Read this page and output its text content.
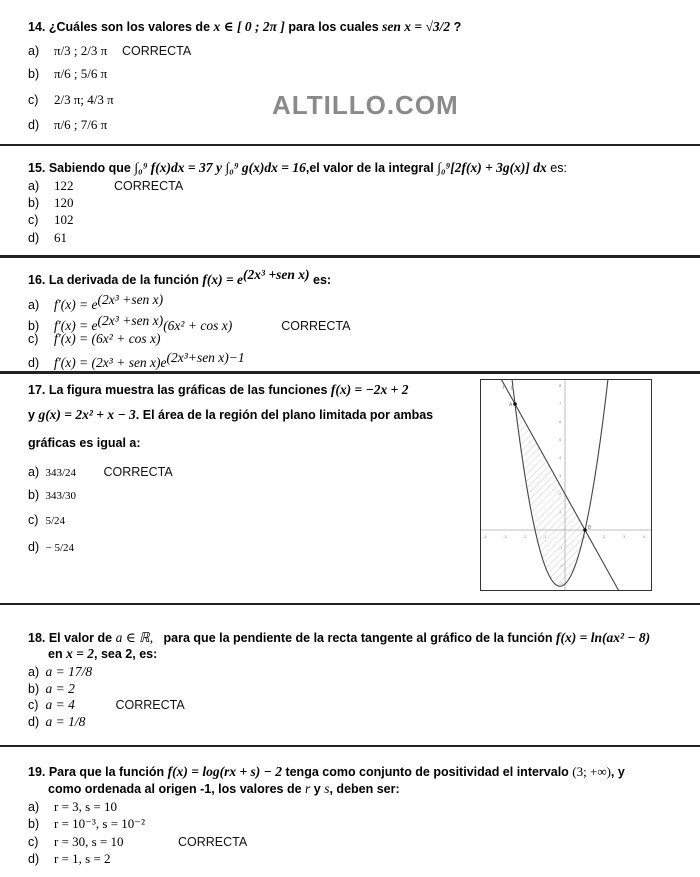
ALTILLO.COM
14. ¿Cuáles son los valores de x ∈ [ 0 ; 2π ] para los cuales sen x = √3/2 ?
a) π/3 ; 2/3 π CORRECTA
b) π/6 ; 5/6 π
c) 2/3 π; 4/3 π
d) π/6 ; 7/6 π
15. Sabiendo que ∫₀⁹ f(x)dx = 37 y ∫₀⁹ g(x)dx = 16,el valor de la integral ∫₀⁹[2f(x) + 3g(x)] dx es:
a) 122	CORRECTA
b) 120
c) 102
d) 61
16. La derivada de la función $f(x) = e^{(2x^3 +sen x)}$ es:
a) $f'(x) = e^{(2x^3 +sen x)}$
b) $f'(x) = e^{(2x^3 +sen x)}(6x^2 + \cos x)$	CORRECTA
c) f′(x) = (6x² + cos x)
d) f′(x) = (2x³ + sen $x)e^{(2x^3+sen x)-1}$
17. La figura muestra las gráficas de las funciones f(x) = −2x + 2
y g(x) = 2x² + x − 3. El área de la región del plano limitada por ambas
gráficas es igual a:
a) 343/24 CORRECTA
b) 343/30
c) 5/24
d) − 5/24
-4	-3	-2	-1	1	2	3	4
-3
-2
-1
1
2
3
4
5
6
7
8
A
B
f g
18. El valor de a ∈ ℝ, para que la pendiente de la recta tangente al gráfico de la función f(x) = ln(ax² − 8)
en x = 2, sea 2, es:
a) a = 17/8
b) a = 2
c) a = 4	CORRECTA
d) a = 1/8
19. Para que la función f(x) = log(rx + s) − 2 tenga como conjunto de positividad el intervalo (3; +∞), y
como ordenada al origen -1, los valores de r y s, deben ser:
a) r = 3, s = 10
b) r = 10⁻³, s = 10⁻²
c) r = 30, s = 10	CORRECTA
d) r = 1, s = 2
